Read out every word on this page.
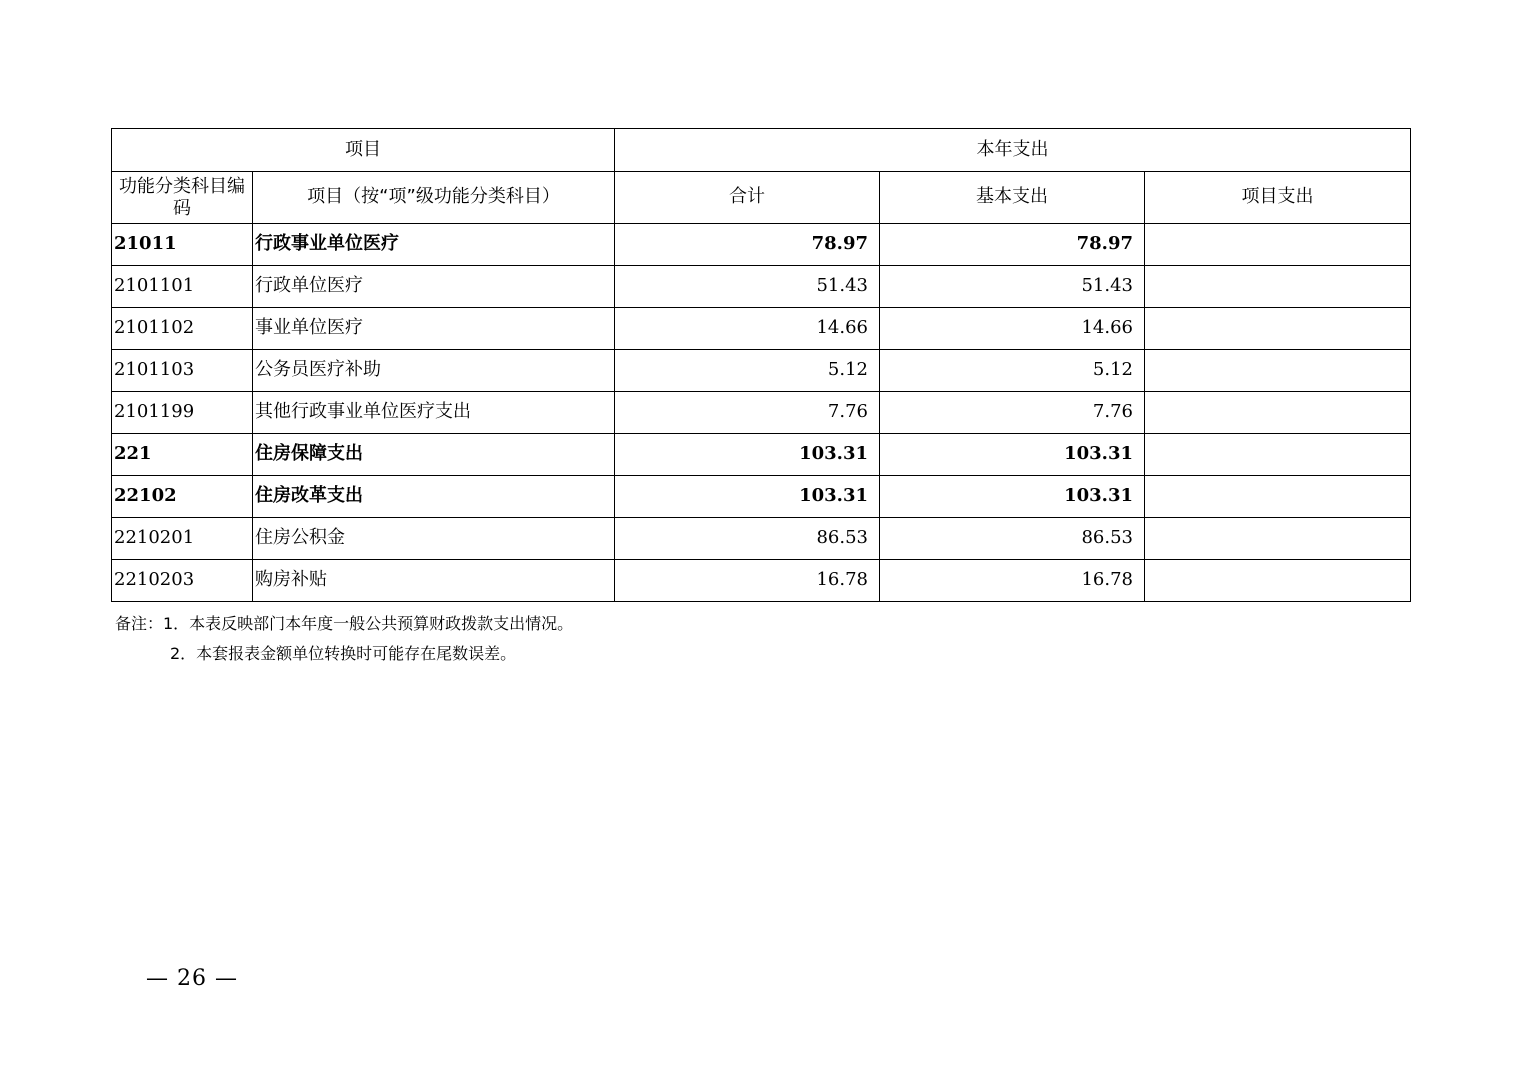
项目		本年支出		
功能分类科目编码	项目（按“项”级功能分类科目）	合计	基本支出	项目支出
21011	行政事业单位医疗	78.97	78.97	
2101101	行政单位医疗	51.43	51.43	
2101102	事业单位医疗	14.66	14.66	
2101103	公务员医疗补助	5.12	5.12	
2101199	其他行政事业单位医疗支出	7.76	7.76	
221	住房保障支出	103.31	103.31	
22102	住房改革支出	103.31	103.31	
2210201	住房公积金	86.53	86.53	
2210203	购房补贴	16.78	16.78	
备注：1．本表反映部门本年度一般公共预算财政拨款支出情况。
2．本套报表金额单位转换时可能存在尾数误差。
— 26 —
